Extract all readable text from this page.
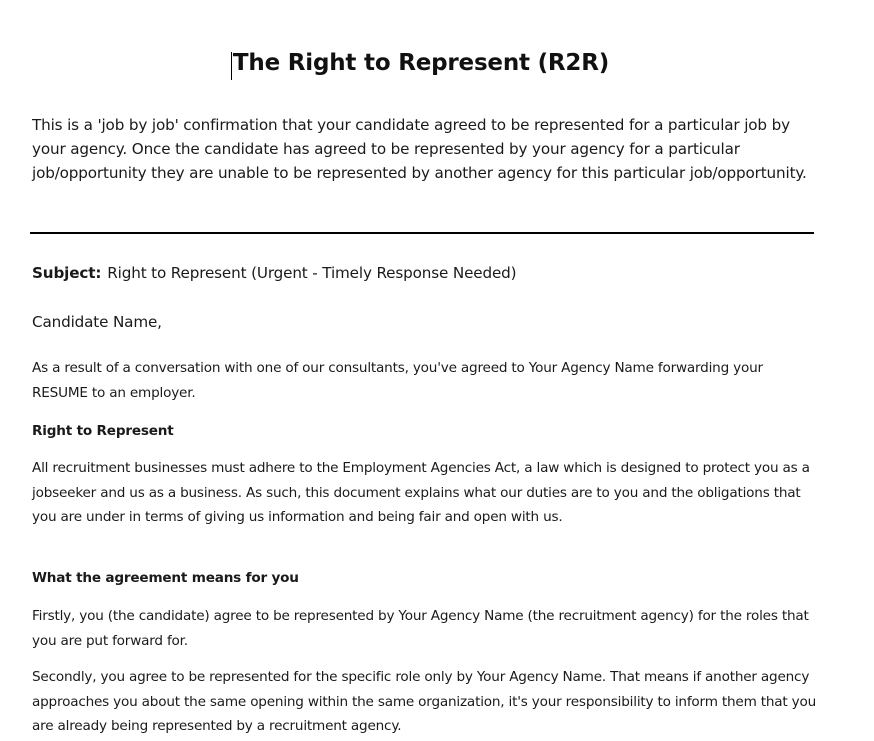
The Right to Represent (R2R)

This is a 'job by job' confirmation that your candidate agreed to be represented for a particular job by your agency. Once the candidate has agreed to be represented by your agency for a particular job/opportunity they are unable to be represented by another agency for this particular job/opportunity.

Subject: Right to Represent (Urgent - Timely Response Needed)

Candidate Name,

As a result of a conversation with one of our consultants, you've agreed to Your Agency Name forwarding your RESUME to an employer.

Right to Represent

All recruitment businesses must adhere to the Employment Agencies Act, a law which is designed to protect you as a jobseeker and us as a business. As such, this document explains what our duties are to you and the obligations that you are under in terms of giving us information and being fair and open with us.

What the agreement means for you

Firstly, you (the candidate) agree to be represented by Your Agency Name (the recruitment agency) for the roles that you are put forward for.

Secondly, you agree to be represented for the specific role only by Your Agency Name. That means if another agency approaches you about the same opening within the same organization, it's your responsibility to inform them that you are already being represented by a recruitment agency.
